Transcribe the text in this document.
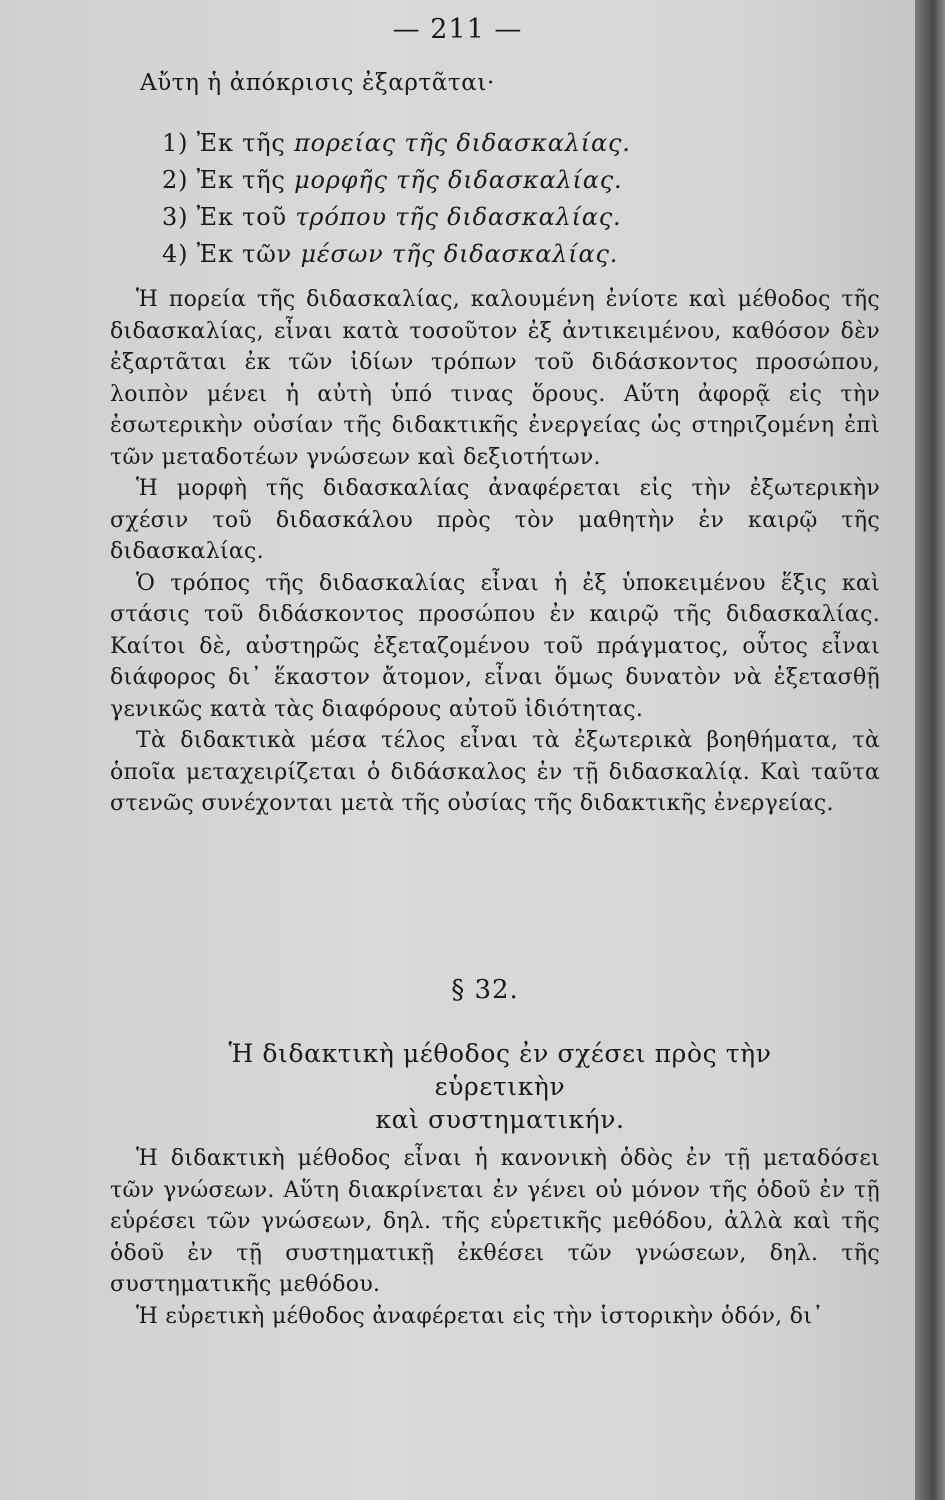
— 211 —
Αὔτη ἡ ἀπόκρισις ἐξαρτᾶται·
1) Ἐκ τῆς πορείας τῆς διδασκαλίας.
2) Ἐκ τῆς μορφῆς τῆς διδασκαλίας.
3) Ἐκ τοῦ τρόπου τῆς διδασκαλίας.
4) Ἐκ τῶν μέσων τῆς διδασκαλίας.

Ἡ πορεία τῆς διδασκαλίας, καλουμένη ἐνίοτε καὶ μέθοδος τῆς διδασκαλίας, εἶναι κατὰ τοσοῦτον ἐξ ἀντικειμένου, καθόσον δὲν ἐξαρτᾶται ἐκ τῶν ἰδίων τρόπων τοῦ διδάσκοντος προσώπου, λοιπὸν μένει ἡ αὐτὴ ὑπό τινας ὅρους. Αὕτη ἀφορᾷ εἰς τὴν ἐσωτερικὴν οὐσίαν τῆς διδακτικῆς ἐνεργείας ὡς στηριζομένη ἐπὶ τῶν μεταδοτέων γνώσεων καὶ δεξιοτήτων.

Ἡ μορφὴ τῆς διδασκαλίας ἀναφέρεται εἰς τὴν ἐξωτερικὴν σχέσιν τοῦ διδασκάλου πρὸς τὸν μαθητὴν ἐν καιρῷ τῆς διδασκαλίας.

Ὁ τρόπος τῆς διδασκαλίας εἶναι ἡ ἐξ ὑποκειμένου ἕξις καὶ στάσις τοῦ διδάσκοντος προσώπου ἐν καιρῷ τῆς διδασκαλίας. Καίτοι δὲ, αὐστηρῶς ἐξεταζομένου τοῦ πράγματος, οὗτος εἶναι διάφορος δι᾽ ἕκαστον ἄτομον, εἶναι ὅμως δυνατὸν νὰ ἐξετασθῇ γενικῶς κατὰ τὰς διαφόρους αὐτοῦ ἰδιότητας.

Τὰ διδακτικὰ μέσα τέλος εἶναι τὰ ἐξωτερικὰ βοηθήματα, τὰ ὁποῖα μεταχειρίζεται ὁ διδάσκαλος ἐν τῇ διδασκαλίᾳ. Καὶ ταῦτα στενῶς συνέχονται μετὰ τῆς οὐσίας τῆς διδακτικῆς ἐνεργείας.

§ 32.
Ἡ διδακτικὴ μέθοδος ἐν σχέσει πρὸς τὴν εὑρετικὴν
καὶ συστηματικήν.

Ἡ διδακτικὴ μέθοδος εἶναι ἡ κανονικὴ ὁδὸς ἐν τῇ μεταδόσει τῶν γνώσεων. Αὕτη διακρίνεται ἐν γένει οὐ μόνον τῆς ὁδοῦ ἐν τῇ εὑρέσει τῶν γνώσεων, δηλ. τῆς εὑρετικῆς μεθόδου, ἀλλὰ καὶ τῆς ὁδοῦ ἐν τῇ συστηματικῇ ἐκθέσει τῶν γνώσεων, δηλ. τῆς συστηματικῆς μεθόδου.

Ἡ εὑρετικὴ μέθοδος ἀναφέρεται εἰς τὴν ἱστορικὴν ὁδόν, δι᾽
